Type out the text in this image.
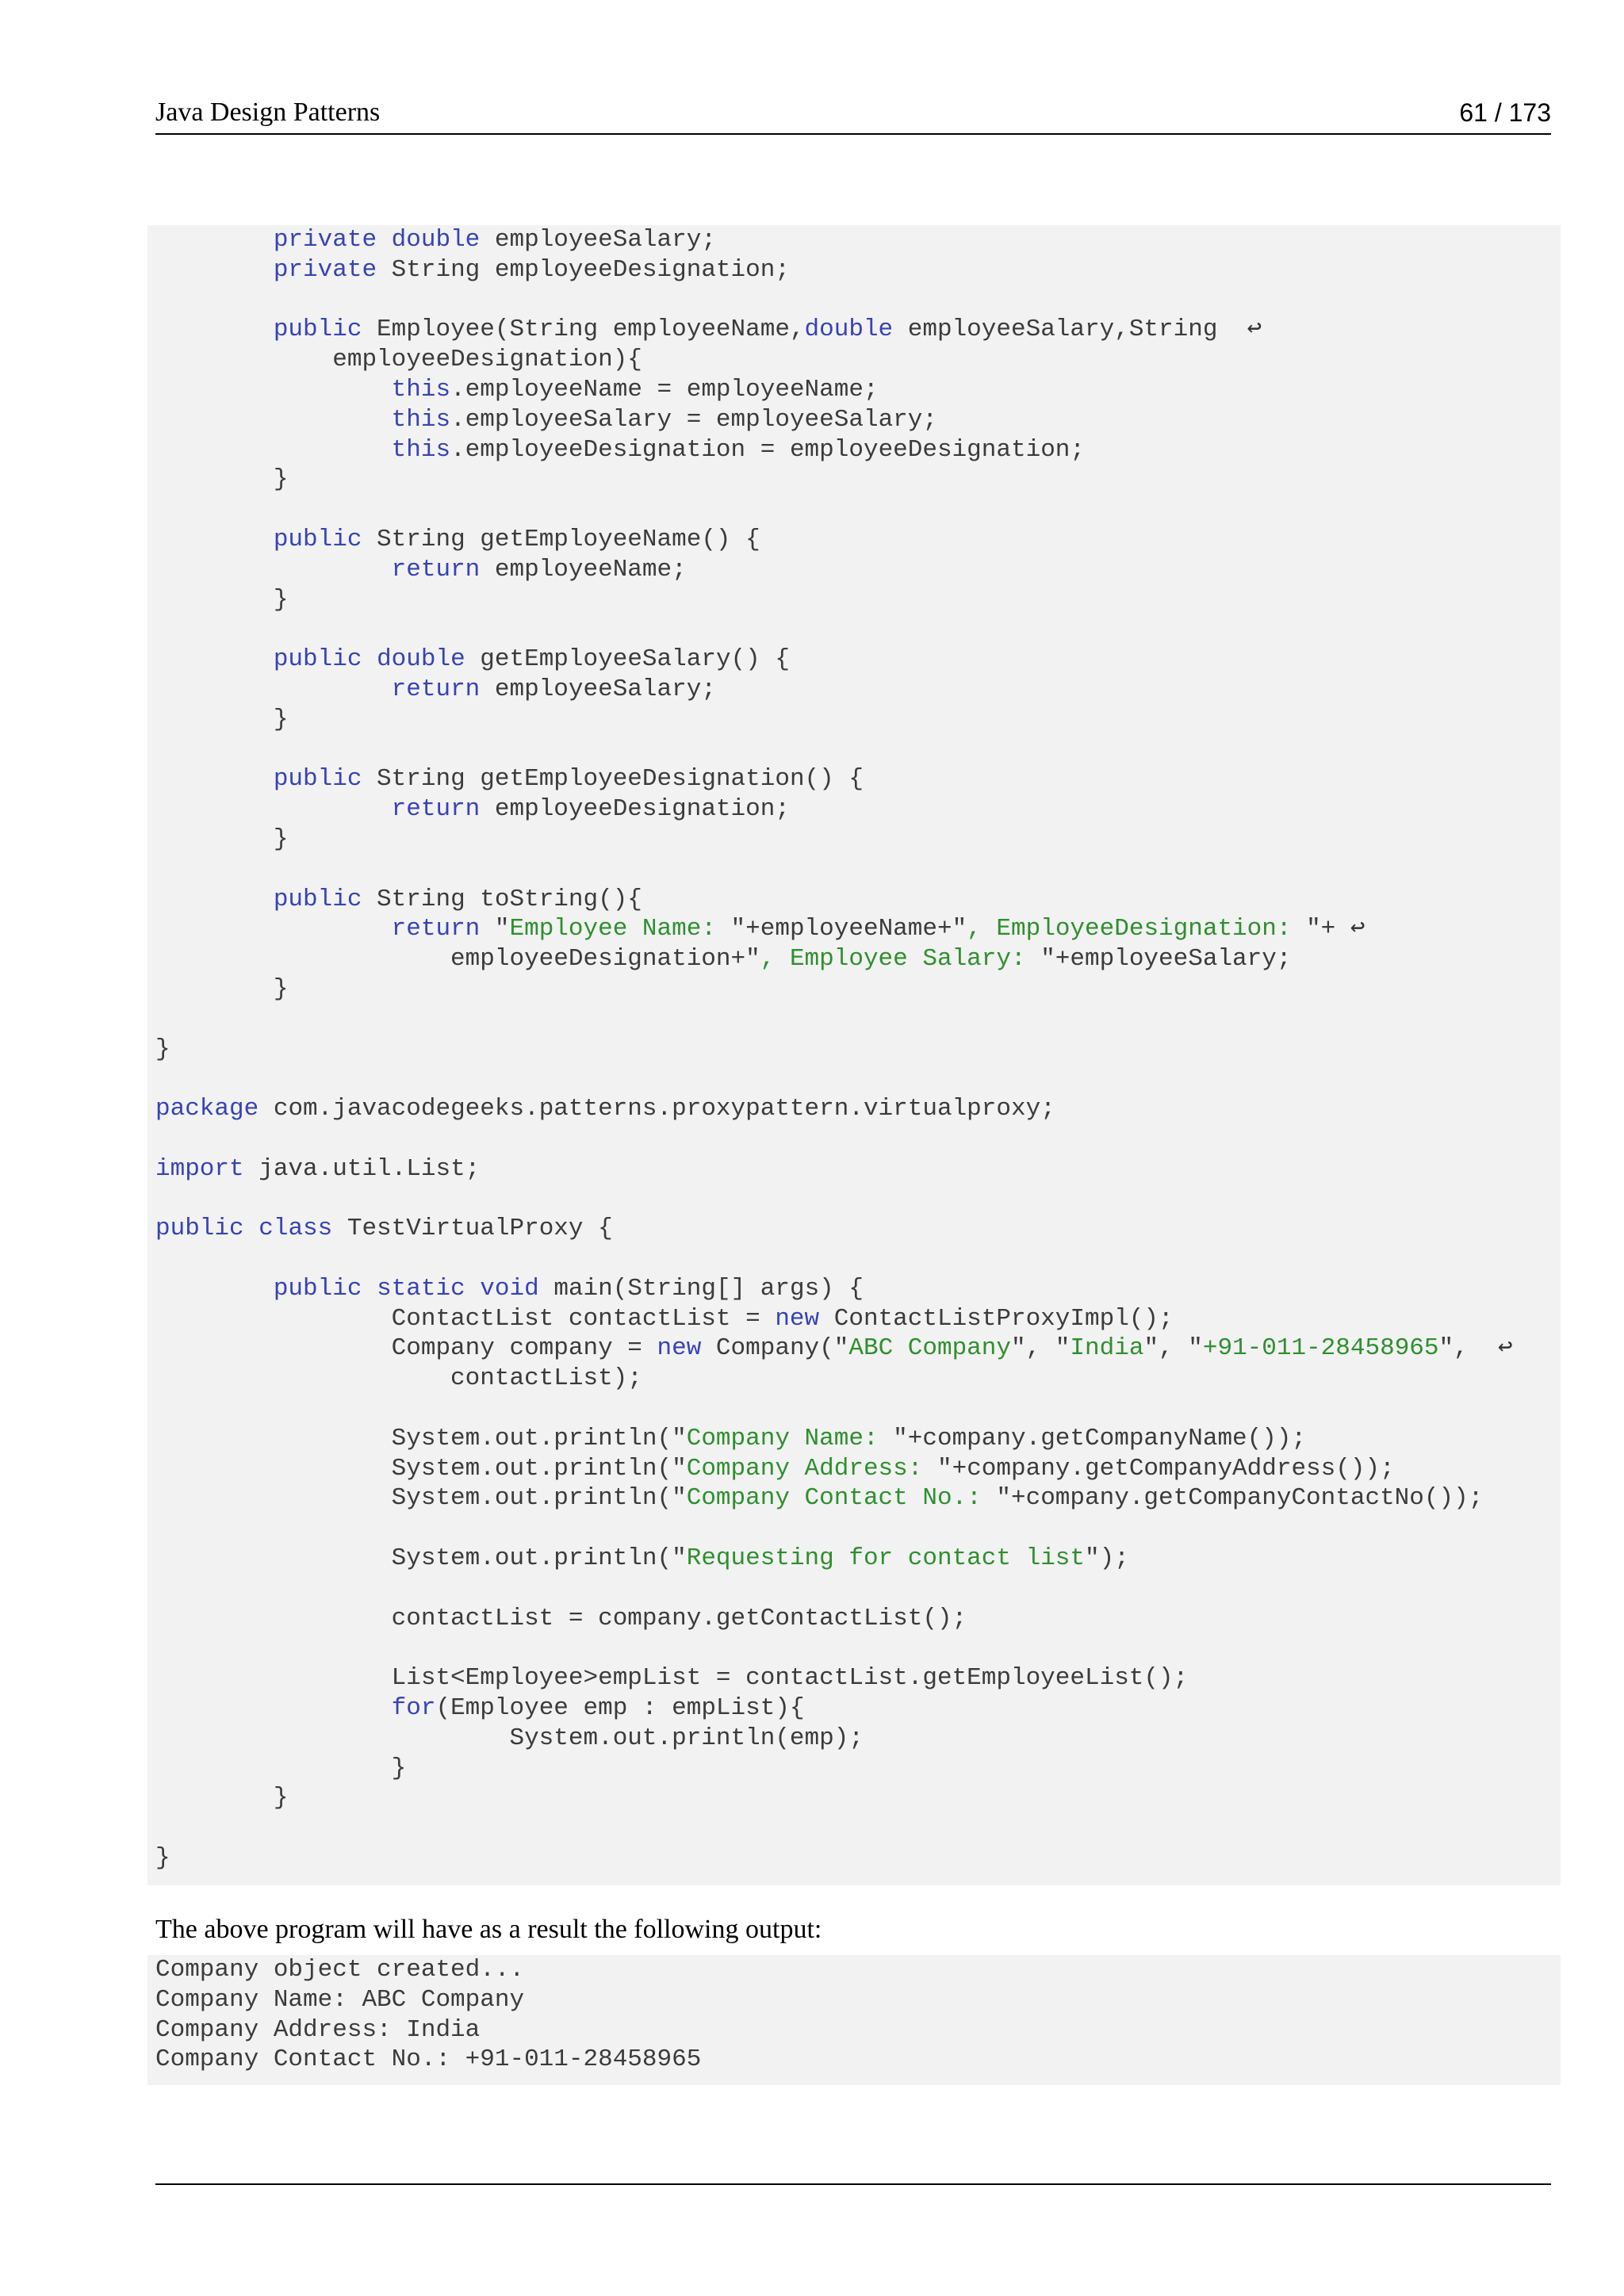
Java Design Patterns	61 / 173
private double employeeSalary;
private String employeeDesignation;
public Employee(String employeeName,double employeeSalary,String  ↩
employeeDesignation){
this.employeeName = employeeName;
this.employeeSalary = employeeSalary;
this.employeeDesignation = employeeDesignation;
}
public String getEmployeeName() {
return employeeName;
}
public double getEmployeeSalary() {
return employeeSalary;
}
public String getEmployeeDesignation() {
return employeeDesignation;
}
public String toString(){
return "Employee Name: "+employeeName+", EmployeeDesignation: "+ ↩
employeeDesignation+", Employee Salary: "+employeeSalary;
}
}
package com.javacodegeeks.patterns.proxypattern.virtualproxy;
import java.util.List;
public class TestVirtualProxy {
public static void main(String[] args) {
ContactList contactList = new ContactListProxyImpl();
Company company = new Company("ABC Company", "India", "+91-011-28458965",  ↩
contactList);
System.out.println("Company Name: "+company.getCompanyName());
System.out.println("Company Address: "+company.getCompanyAddress());
System.out.println("Company Contact No.: "+company.getCompanyContactNo());
System.out.println("Requesting for contact list");
contactList = company.getContactList();
List<Employee>empList = contactList.getEmployeeList();
for(Employee emp : empList){
System.out.println(emp);
}
}
}
The above program will have as a result the following output:
Company object created...
Company Name: ABC Company
Company Address: India
Company Contact No.: +91-011-28458965
